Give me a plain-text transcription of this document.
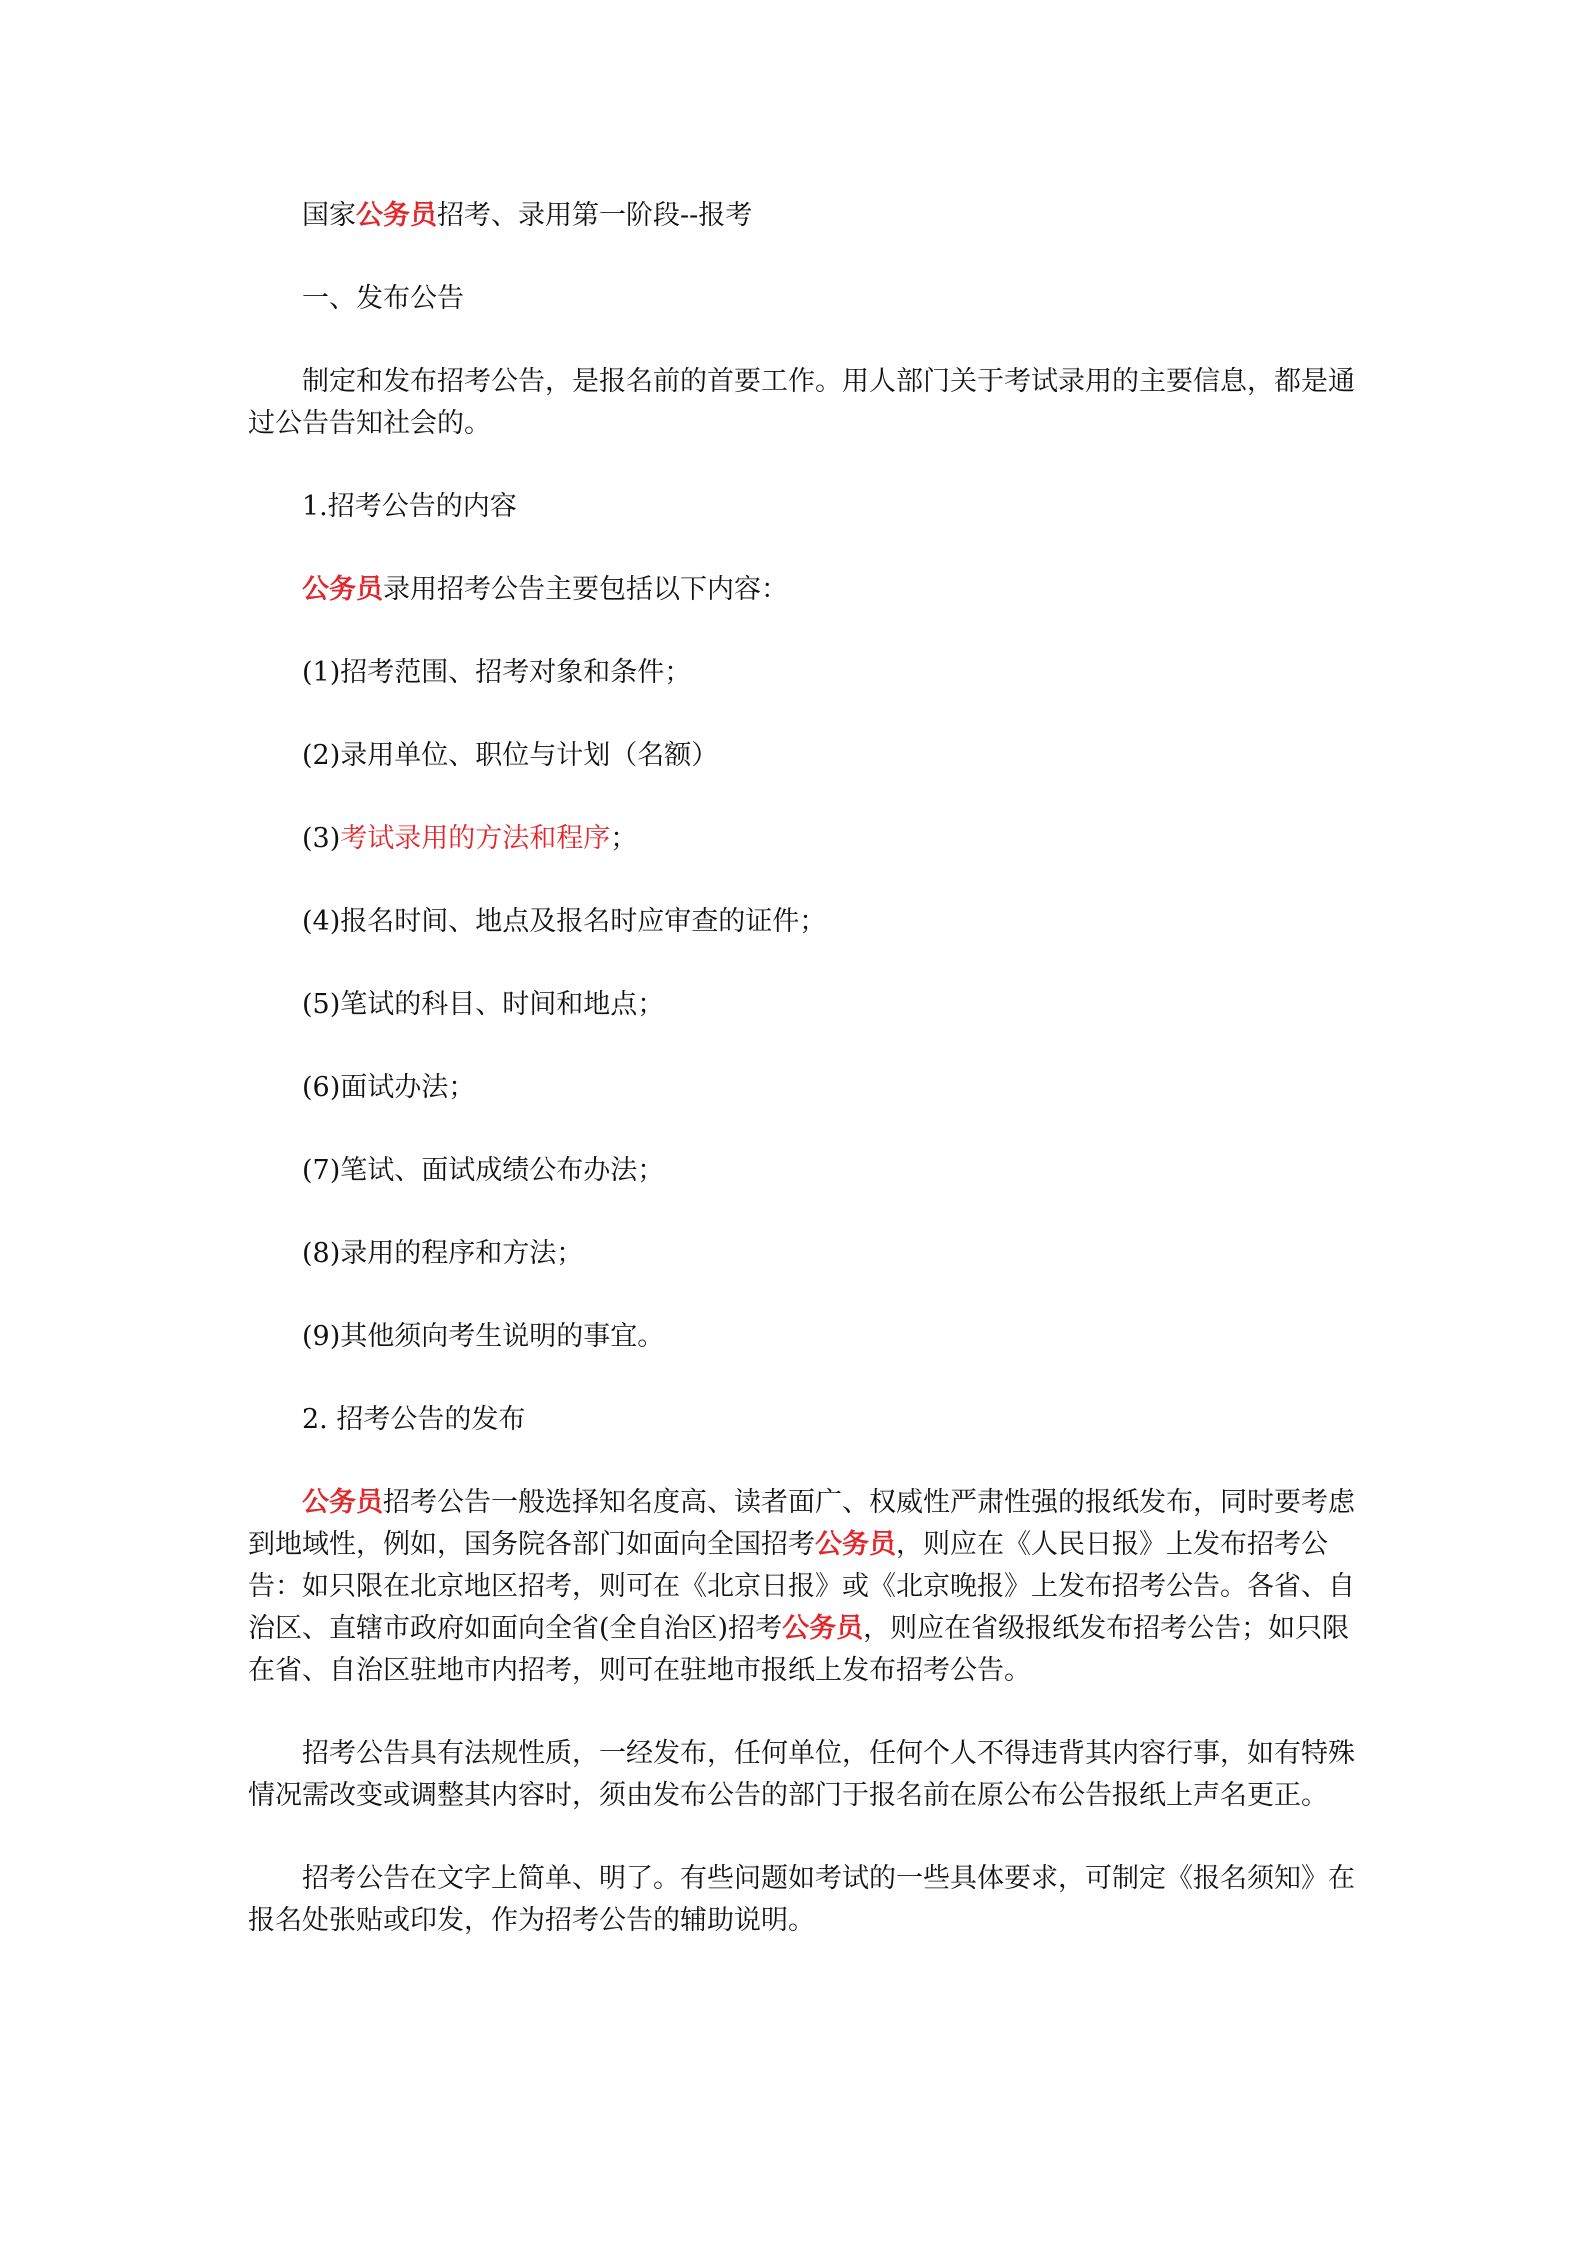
国家公务员招考、录用第一阶段--报考

一、发布公告

制定和发布招考公告，是报名前的首要工作。用人部门关于考试录用的主要信息，都是通过公告告知社会的。

1.招考公告的内容

公务员录用招考公告主要包括以下内容：

(1)招考范围、招考对象和条件；

(2)录用单位、职位与计划（名额）

(3)考试录用的方法和程序；

(4)报名时间、地点及报名时应审查的证件；

(5)笔试的科目、时间和地点；

(6)面试办法；

(7)笔试、面试成绩公布办法；

(8)录用的程序和方法；

(9)其他须向考生说明的事宜。

2. 招考公告的发布

公务员招考公告一般选择知名度高、读者面广、权威性严肃性强的报纸发布，同时要考虑到地域性，例如，国务院各部门如面向全国招考公务员，则应在《人民日报》上发布招考公告：如只限在北京地区招考，则可在《北京日报》或《北京晚报》上发布招考公告。各省、自治区、直辖市政府如面向全省(全自治区)招考公务员，则应在省级报纸发布招考公告；如只限在省、自治区驻地市内招考，则可在驻地市报纸上发布招考公告。

招考公告具有法规性质，一经发布，任何单位，任何个人不得违背其内容行事，如有特殊情况需改变或调整其内容时，须由发布公告的部门于报名前在原公布公告报纸上声名更正。

招考公告在文字上简单、明了。有些问题如考试的一些具体要求，可制定《报名须知》在报名处张贴或印发，作为招考公告的辅助说明。
